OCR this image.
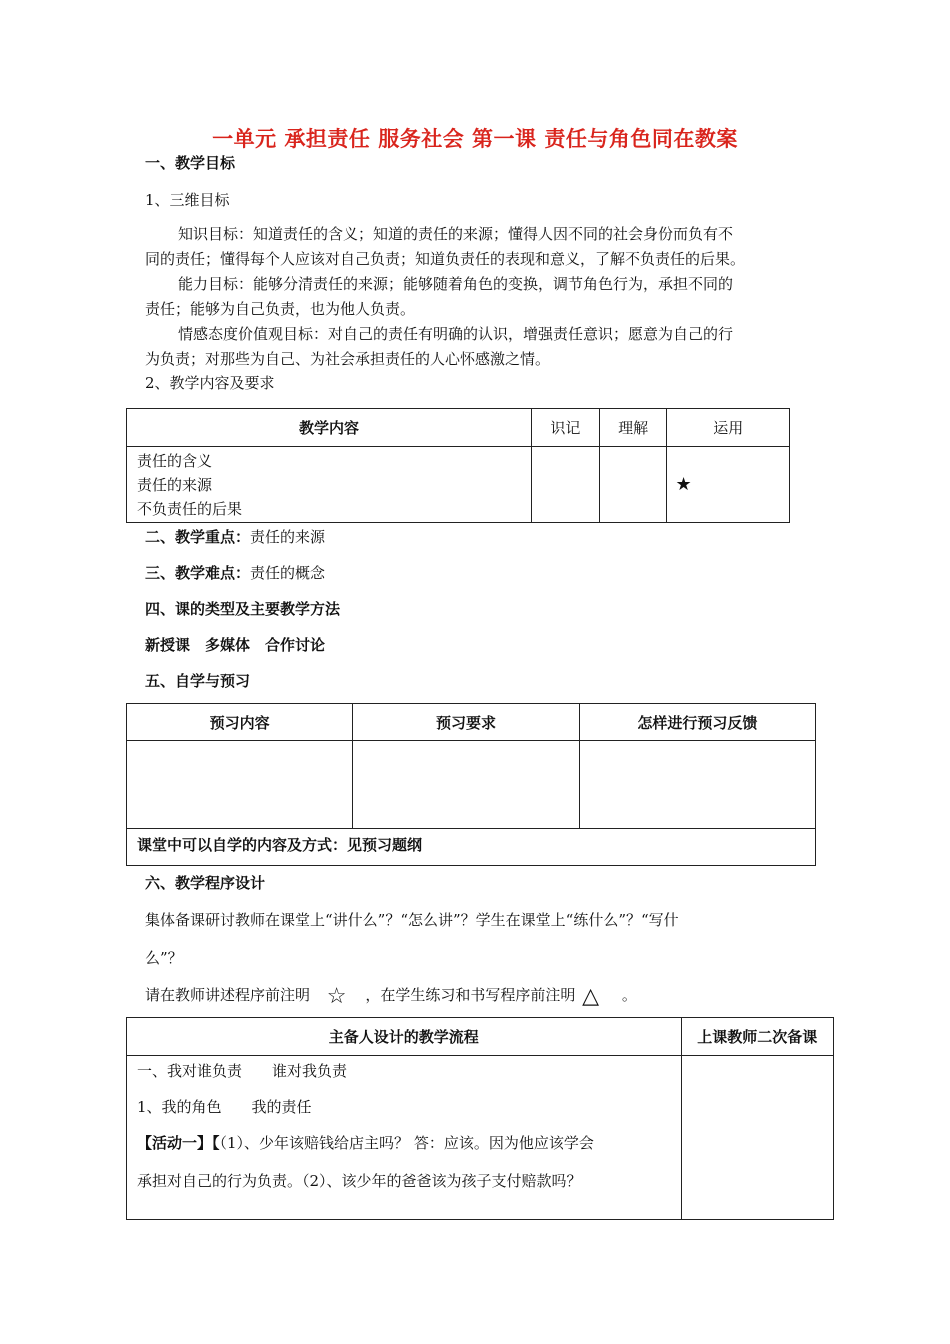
一单元 承担责任 服务社会 第一课 责任与角色同在教案
一、教学目标
1、三维目标
知识目标：知道责任的含义；知道的责任的来源；懂得人因不同的社会身份而负有不
同的责任；懂得每个人应该对自己负责；知道负责任的表现和意义，了解不负责任的后果。
能力目标：能够分清责任的来源；能够随着角色的变换，调节角色行为，承担不同的
责任；能够为自己负责，也为他人负责。
情感态度价值观目标：对自己的责任有明确的认识，增强责任意识；愿意为自己的行
为负责；对那些为自己、为社会承担责任的人心怀感激之情。
2、教学内容及要求
教学内容	识记	理解	运用

责任的含义
责任的来源
不负责任的后果			★
二、教学重点：责任的来源
三、教学难点：责任的概念
四、课的类型及主要教学方法
新授课　多媒体　合作讨论
五、自学与预习
预习内容	预习要求	怎样进行预习反馈

课堂中可以自学的内容及方式：见预习题纲		
六、教学程序设计
集体备课研讨教师在课堂上“讲什么”？“怎么讲”？学生在课堂上“练什么”？“写什
么”？
请在教师讲述程序前注明 ☆ ，在学生练习和书写程序前注明 △ 。
主备人设计的教学流程	上课教师二次备课

一、我对谁负责　　谁对我负责
1、我的角色　　我的责任
【活动一】【（1）、少年该赔钱给店主吗？ 答：应该。因为他应该学会
承担对自己的行为负责。（2）、该少年的爸爸该为孩子支付赔款吗？	
